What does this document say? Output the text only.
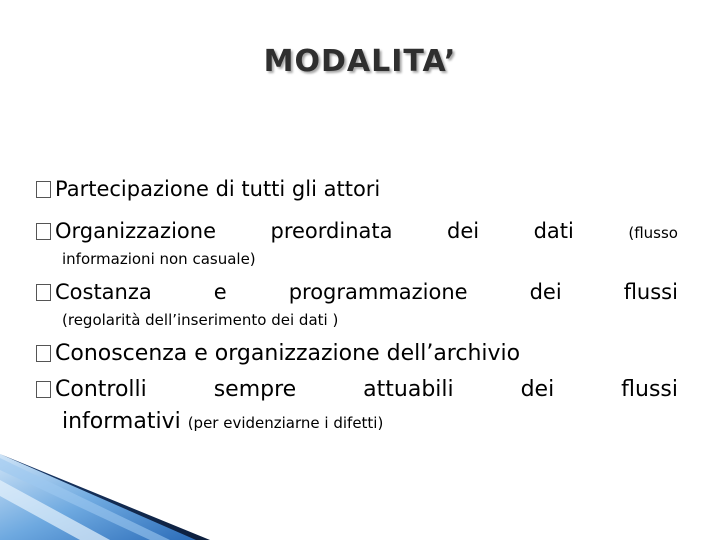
MODALITA’
Partecipazione di tutti gli attori
Organizzazione	preordinata	dei	dati	(flusso
informazioni non casuale)
Costanza	e	programmazione	dei	flussi
(regolarità dell’inserimento dei dati )
Conoscenza e organizzazione dell’archivio
Controlli	sempre	attuabili	dei	flussi
informativi (per evidenziarne i difetti)
